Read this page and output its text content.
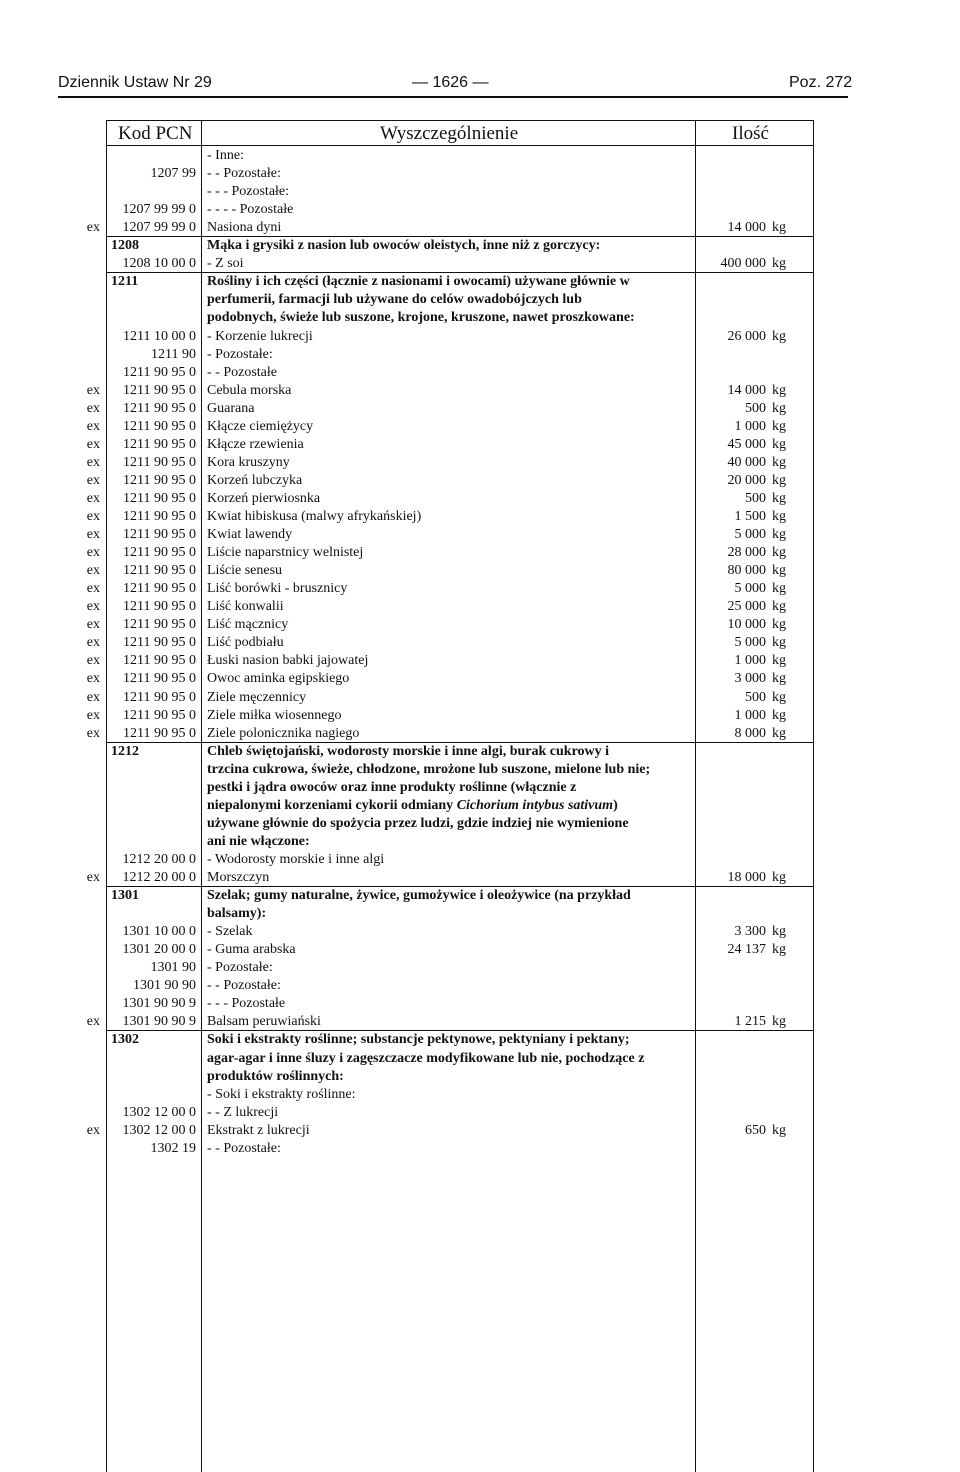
Dziennik Ustaw Nr 29	— 1626 —	Poz. 272
Kod PCN	Wyszczególnienie	Ilość
- Inne:
1207 99 - - Pozostałe:
- - - Pozostałe:
1207 99 99 0 - - - - Pozostałe
ex	1207 99 99 0 Nasiona dyni	14 000 kg
1208	Mąka i grysiki z nasion lub owoców oleistych, inne niż z gorczycy:
1208 10 00 0 - Z soi	400 000 kg
1211	Rośliny i ich części (łącznie z nasionami i owocami) używane głównie w
perfumerii, farmacji lub używane do celów owadobójczych lub
podobnych, świeże lub suszone, krojone, kruszone, nawet proszkowane:
1211 10 00 0 - Korzenie lukrecji	26 000 kg
1211 90 - Pozostałe:
1211 90 95 0 - - Pozostałe
ex	1211 90 95 0 Cebula morska	14 000 kg
ex	1211 90 95 0 Guarana	500 kg
ex	1211 90 95 0 Kłącze ciemiężycy	1 000 kg
ex	1211 90 95 0 Kłącze rzewienia	45 000 kg
ex	1211 90 95 0 Kora kruszyny	40 000 kg
ex	1211 90 95 0 Korzeń lubczyka	20 000 kg
ex	1211 90 95 0 Korzeń pierwiosnka	500 kg
ex	1211 90 95 0 Kwiat hibiskusa (malwy afrykańskiej)	1 500 kg
ex	1211 90 95 0 Kwiat lawendy	5 000 kg
ex	1211 90 95 0 Liście naparstnicy welnistej	28 000 kg
ex	1211 90 95 0 Liście senesu	80 000 kg
ex	1211 90 95 0 Liść borówki - brusznicy	5 000 kg
ex	1211 90 95 0 Liść konwalii	25 000 kg
ex	1211 90 95 0 Liść mącznicy	10 000 kg
ex	1211 90 95 0 Liść podbiału	5 000 kg
ex	1211 90 95 0 Łuski nasion babki jajowatej	1 000 kg
ex	1211 90 95 0 Owoc aminka egipskiego	3 000 kg
ex	1211 90 95 0 Ziele męczennicy	500 kg
ex	1211 90 95 0 Ziele miłka wiosennego	1 000 kg
ex	1211 90 95 0 Ziele polonicznika nagiego	8 000 kg
1212	Chleb świętojański, wodorosty morskie i inne algi, burak cukrowy i
trzcina cukrowa, świeże, chłodzone, mrożone lub suszone, mielone lub nie;
pestki i jądra owoców oraz inne produkty roślinne (włącznie z
niepalonymi korzeniami cykorii odmiany Cichorium intybus sativum)
używane głównie do spożycia przez ludzi, gdzie indziej nie wymienione
ani nie włączone:
1212 20 00 0 - Wodorosty morskie i inne algi
ex	1212 20 00 0 Morszczyn	18 000 kg
1301	Szelak; gumy naturalne, żywice, gumożywice i oleożywice (na przykład
balsamy):
1301 10 00 0 - Szelak	3 300 kg
1301 20 00 0 - Guma arabska	24 137 kg
1301 90 - Pozostałe:
1301 90 90 - - Pozostałe:
1301 90 90 9 - - - Pozostałe
ex	1301 90 90 9 Balsam peruwiański	1 215 kg
1302	Soki i ekstrakty roślinne; substancje pektynowe, pektyniany i pektany;
agar-agar i inne śluzy i zagęszczacze modyfikowane lub nie, pochodzące z
produktów roślinnych:
- Soki i ekstrakty roślinne:
1302 12 00 0 - - Z lukrecji
ex	1302 12 00 0 Ekstrakt z lukrecji	650 kg
1302 19 - - Pozostałe:
